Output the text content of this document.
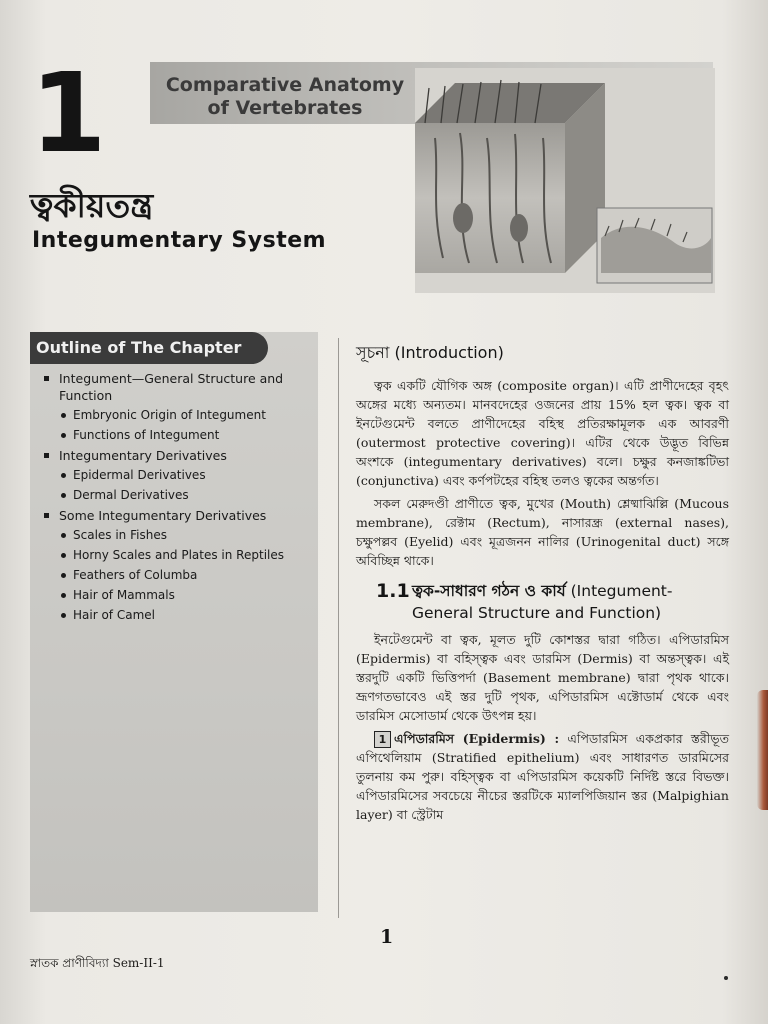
1	Comparative Anatomy of Vertebrates
ত্বকীয়তন্ত্র
Integumentary System
Outline of The Chapter
Integument—General Structure and Function
Embryonic Origin of Integument
Functions of Integument
Integumentary Derivatives
Epidermal Derivatives
Dermal Derivatives
Some Integumentary Derivatives
Scales in Fishes
Horny Scales and Plates in Reptiles
Feathers of Columba
Hair of Mammals
Hair of Camel
সূচনা (Introduction)

ত্বক একটি যৌগিক অঙ্গ (composite organ)। এটি প্রাণীদেহের বৃহৎ অঙ্গের মধ্যে অন্যতম। মানবদেহের ওজনের প্রায় 15% হল ত্বক। ত্বক বা ইনটেগুমেন্ট বলতে প্রাণীদেহের বহিস্থ প্রতিরক্ষামূলক এক আবরণী (outermost protective covering)। এটির থেকে উদ্ভূত বিভিন্ন অংশকে (integumentary derivatives) বলে। চক্ষুর কনজাঙ্কটিভা (conjunctiva) এবং কর্ণপটহের বহিস্থ তলও ত্বকের অন্তর্গত।

সকল মেরুদণ্ডী প্রাণীতে ত্বক, মুখের (Mouth) শ্লেষ্মাঝিল্লি (Mucous membrane), রেক্টাম (Rectum), নাসারন্ধ্র (external nases), চক্ষুপল্লব (Eyelid) এবং মূত্রজনন নালির (Urinogenital duct) সঙ্গে অবিচ্ছিন্ন থাকে।

1.1 ত্বক-সাধারণ গঠন ও কার্য (Integument-General Structure and Function)

ইনটেগুমেন্ট বা ত্বক, মূলত দুটি কোশস্তর দ্বারা গঠিত। এপিডারমিস (Epidermis) বা বহিস্ত্বক এবং ডারমিস (Dermis) বা অন্তস্ত্বক। এই স্তরদুটি একটি ভিত্তিপর্দা (Basement membrane) দ্বারা পৃথক থাকে। ভ্রূণগতভাবেও এই স্তর দুটি পৃথক, এপিডারমিস এক্টোডার্ম থেকে এবং ডারমিস মেসোডার্ম থেকে উৎপন্ন হয়।

1 এপিডারমিস (Epidermis) : এপিডারমিস একপ্রকার স্তরীভূত এপিথেলিয়াম (Stratified epithelium) এবং সাধারণত ডারমিসের তুলনায় কম পুরু। বহিস্ত্বক বা এপিডারমিস কয়েকটি নির্দিষ্ট স্তরে বিভক্ত। এপিডারমিসের সবচেয়ে নীচের স্তরটিকে ম্যালপিজিয়ান স্তর (Malpighian layer) বা স্ট্রেটাম

1
স্নাতক প্রাণীবিদ্যা Sem-II-1
